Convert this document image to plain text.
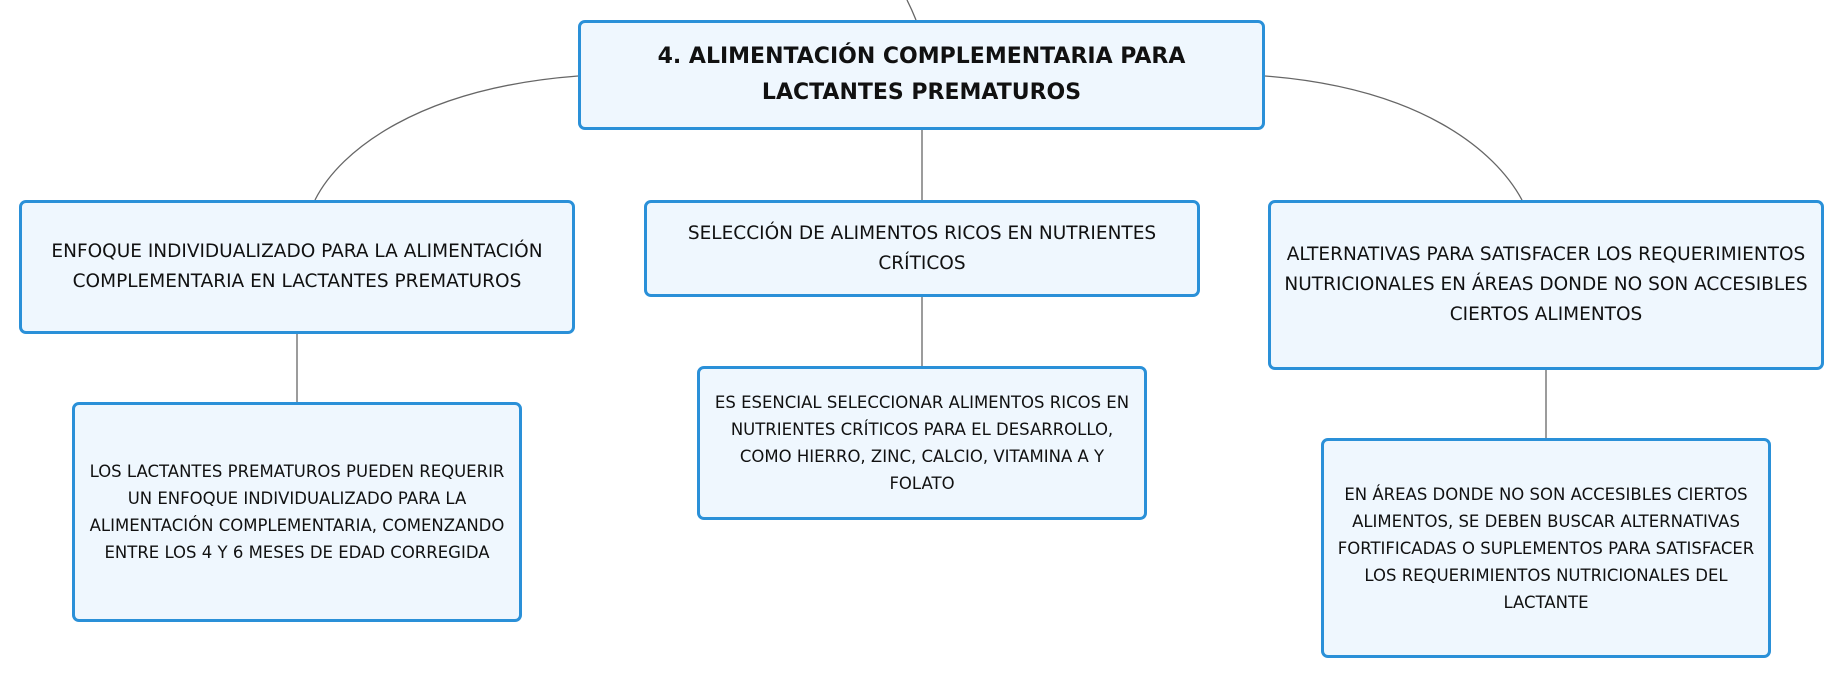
4. ALIMENTACIÓN COMPLEMENTARIA PARA LACTANTES PREMATUROS
ENFOQUE INDIVIDUALIZADO PARA LA ALIMENTACIÓN COMPLEMENTARIA EN LACTANTES PREMATUROS
SELECCIÓN DE ALIMENTOS RICOS EN NUTRIENTES CRÍTICOS	ALTERNATIVAS PARA SATISFACER LOS REQUERIMIENTOS NUTRICIONALES EN ÁREAS DONDE NO SON ACCESIBLES CIERTOS ALIMENTOS
LOS LACTANTES PREMATUROS PUEDEN REQUERIR UN ENFOQUE INDIVIDUALIZADO PARA LA ALIMENTACIÓN COMPLEMENTARIA, COMENZANDO ENTRE LOS 4 Y 6 MESES DE EDAD CORREGIDA
ES ESENCIAL SELECCIONAR ALIMENTOS RICOS EN NUTRIENTES CRÍTICOS PARA EL DESARROLLO, COMO HIERRO, ZINC, CALCIO, VITAMINA A Y FOLATO
EN ÁREAS DONDE NO SON ACCESIBLES CIERTOS ALIMENTOS, SE DEBEN BUSCAR ALTERNATIVAS FORTIFICADAS O SUPLEMENTOS PARA SATISFACER LOS REQUERIMIENTOS NUTRICIONALES DEL LACTANTE
